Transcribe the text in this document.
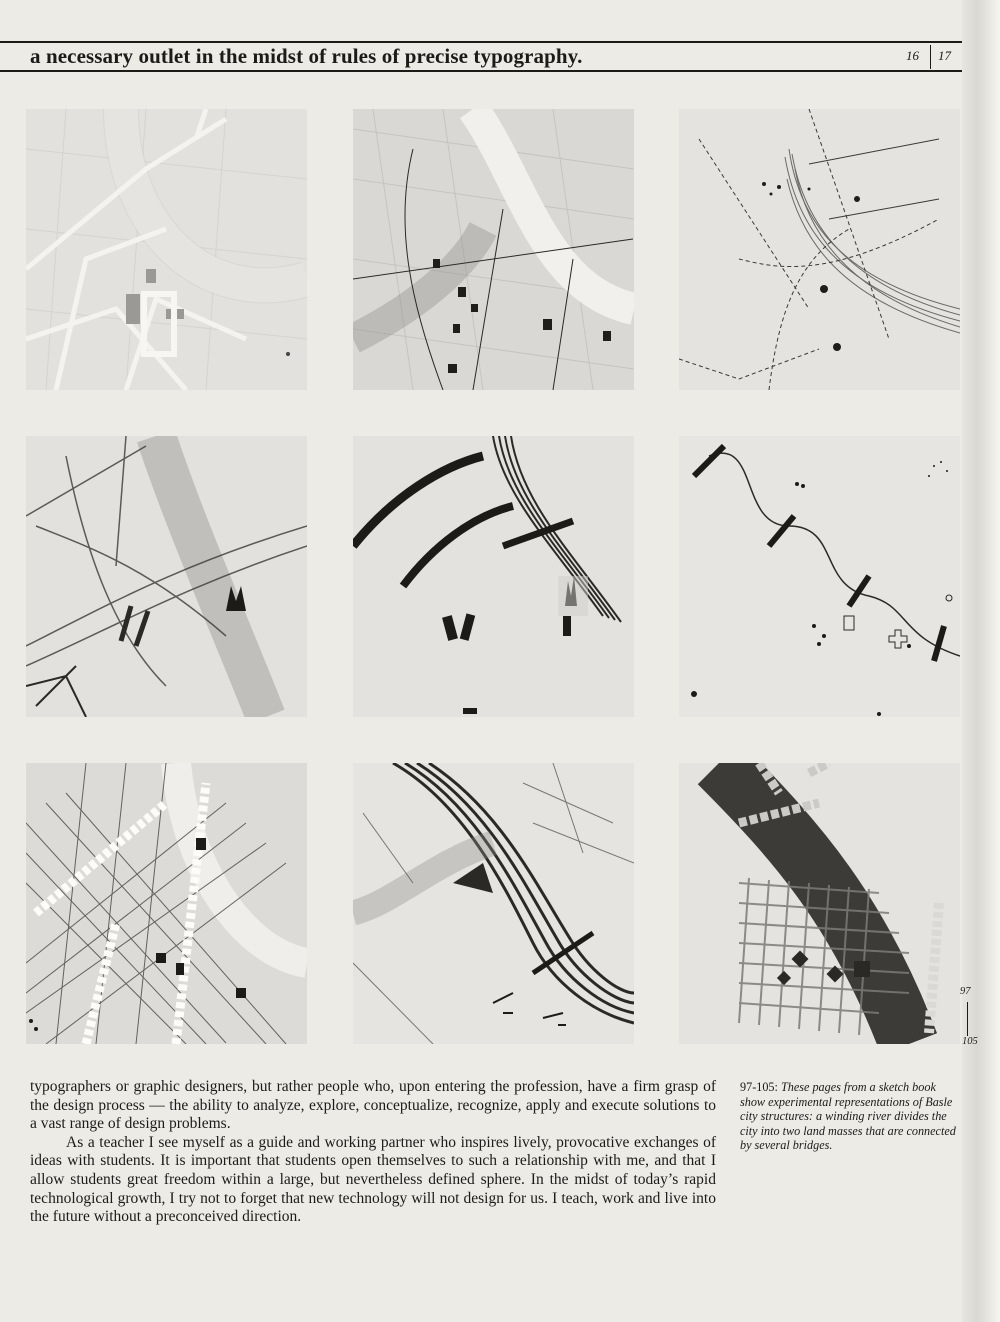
a necessary outlet in the midst of rules of precise typography.	16 17
97
105

typographers or graphic designers, but rather people who, upon entering the profession, have a firm grasp of the design process — the ability to analyze, explore, conceptualize, recognize, apply and execute solutions to a vast range of design problems.

As a teacher I see myself as a guide and working partner who inspires lively, provocative exchanges of ideas with students. It is important that students open themselves to such a relationship with me, and that I allow students great freedom within a large, but nevertheless defined sphere. In the midst of today’s rapid technological growth, I try not to forget that new technology will not design for us. I teach, work and live into the future without a preconceived direction.

97-105: These pages from a sketch book show experimental representations of Basle city structures: a winding river divides the city into two land masses that are connected by several bridges.
